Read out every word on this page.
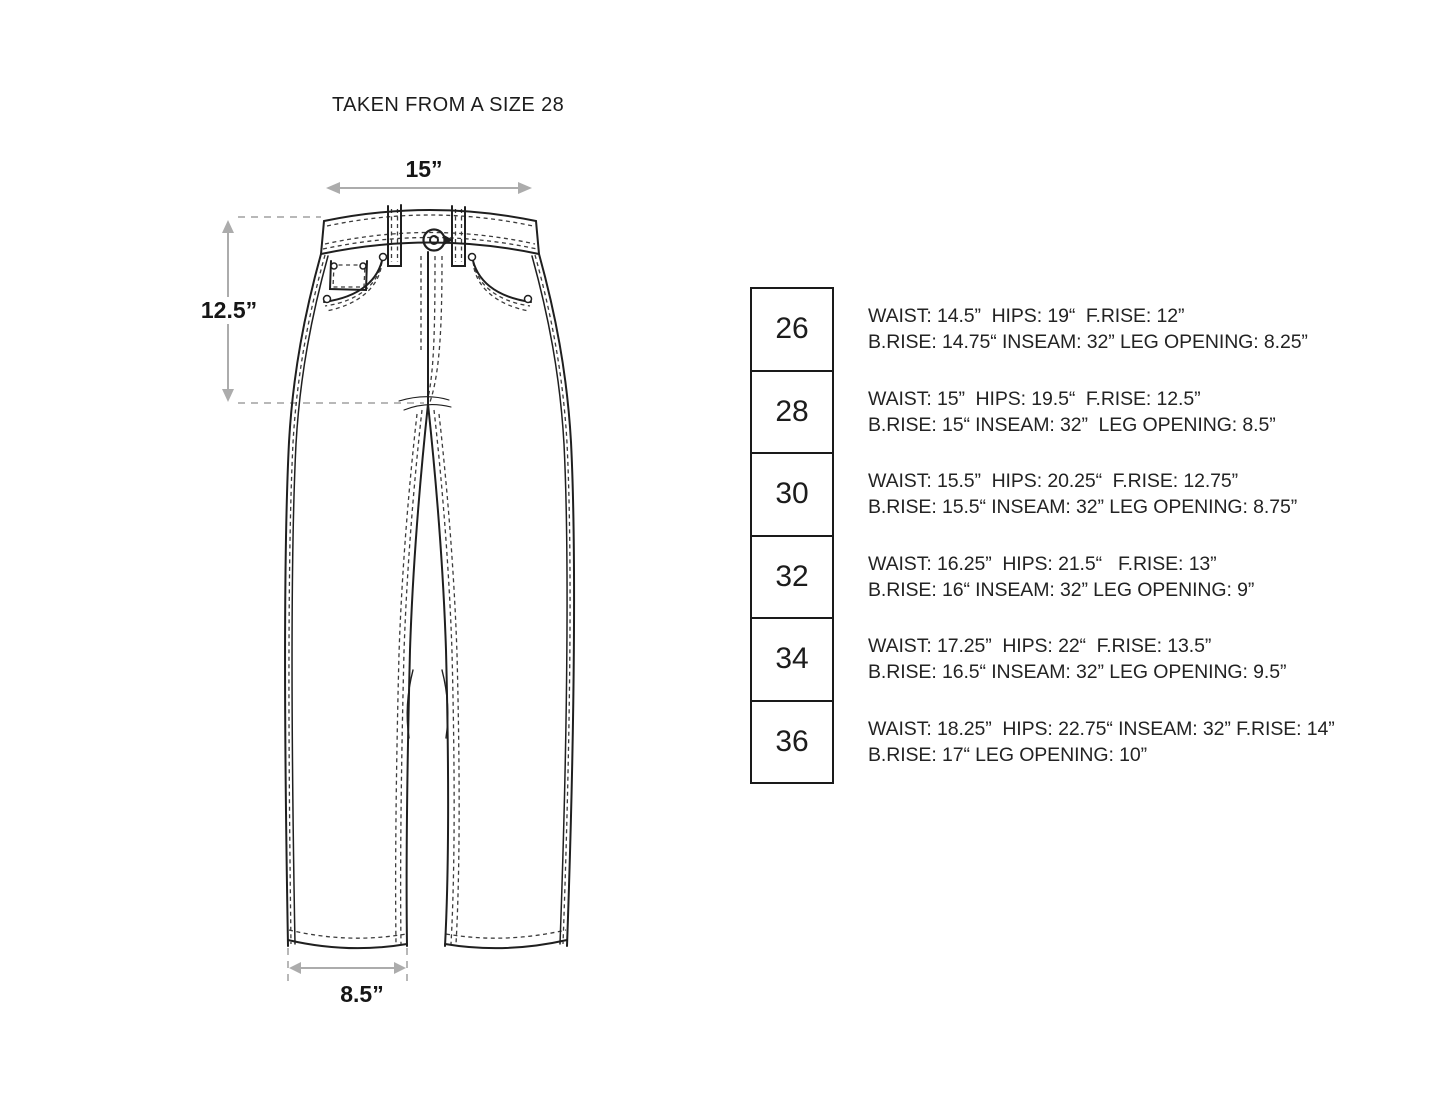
TAKEN FROM A SIZE 28
15”
12.5”
8.5”
26	WAIST: 14.5”  HIPS: 19“  F.RISE: 12”
B.RISE: 14.75“ INSEAM: 32” LEG OPENING: 8.25”
28	WAIST: 15”  HIPS: 19.5“  F.RISE: 12.5”
B.RISE: 15“ INSEAM: 32”  LEG OPENING: 8.5”
30	WAIST: 15.5”  HIPS: 20.25“  F.RISE: 12.75”
B.RISE: 15.5“ INSEAM: 32” LEG OPENING: 8.75”
32	WAIST: 16.25”  HIPS: 21.5“   F.RISE: 13”
B.RISE: 16“ INSEAM: 32” LEG OPENING: 9”
34	WAIST: 17.25”  HIPS: 22“  F.RISE: 13.5”
B.RISE: 16.5“ INSEAM: 32” LEG OPENING: 9.5”
36	WAIST: 18.25”  HIPS: 22.75“ INSEAM: 32” F.RISE: 14”
B.RISE: 17“ LEG OPENING: 10”
